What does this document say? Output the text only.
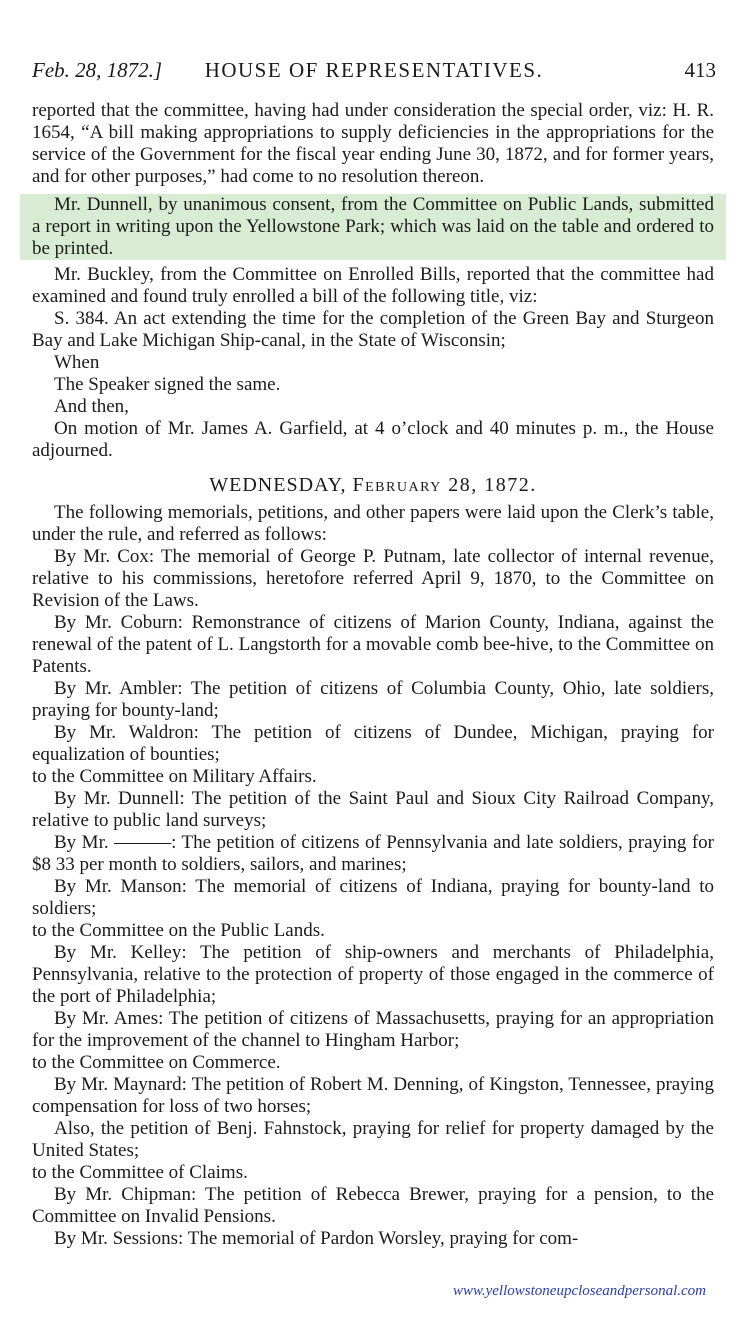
Feb. 28, 1872.]	HOUSE OF REPRESENTATIVES.	413

reported that the committee, having had under consideration the special order, viz: H. R. 1654, “A bill making appropriations to supply deficiencies in the appropriations for the service of the Government for the fiscal year ending June 30, 1872, and for former years, and for other purposes,” had come to no resolution thereon.

Mr. Dunnell, by unanimous consent, from the Committee on Public Lands, submitted a report in writing upon the Yellowstone Park; which was laid on the table and ordered to be printed.

Mr. Buckley, from the Committee on Enrolled Bills, reported that the committee had examined and found truly enrolled a bill of the following title, viz:

S. 384. An act extending the time for the completion of the Green Bay and Sturgeon Bay and Lake Michigan Ship-canal, in the State of Wisconsin;

When

The Speaker signed the same.

And then,

On motion of Mr. James A. Garfield, at 4 o’clock and 40 minutes p. m., the House adjourned.

WEDNESDAY, February 28, 1872.

The following memorials, petitions, and other papers were laid upon the Clerk’s table, under the rule, and referred as follows:

By Mr. Cox: The memorial of George P. Putnam, late collector of internal revenue, relative to his commissions, heretofore referred April 9, 1870, to the Committee on Revision of the Laws.

By Mr. Coburn: Remonstrance of citizens of Marion County, Indiana, against the renewal of the patent of L. Langstorth for a movable comb bee-hive, to the Committee on Patents.

By Mr. Ambler: The petition of citizens of Columbia County, Ohio, late soldiers, praying for bounty-land;

By Mr. Waldron: The petition of citizens of Dundee, Michigan, praying for equalization of bounties;

to the Committee on Military Affairs.

By Mr. Dunnell: The petition of the Saint Paul and Sioux City Railroad Company, relative to public land surveys;

By Mr. ———: The petition of citizens of Pennsylvania and late soldiers, praying for $8 33 per month to soldiers, sailors, and marines;

By Mr. Manson: The memorial of citizens of Indiana, praying for bounty-land to soldiers;

to the Committee on the Public Lands.

By Mr. Kelley: The petition of ship-owners and merchants of Philadelphia, Pennsylvania, relative to the protection of property of those engaged in the commerce of the port of Philadelphia;

By Mr. Ames: The petition of citizens of Massachusetts, praying for an appropriation for the improvement of the channel to Hingham Harbor;

to the Committee on Commerce.

By Mr. Maynard: The petition of Robert M. Denning, of Kingston, Tennessee, praying compensation for loss of two horses;

Also, the petition of Benj. Fahnstock, praying for relief for property damaged by the United States;

to the Committee of Claims.

By Mr. Chipman: The petition of Rebecca Brewer, praying for a pension, to the Committee on Invalid Pensions.

By Mr. Sessions: The memorial of Pardon Worsley, praying for com-

www.yellowstoneupcloseandpersonal.com
